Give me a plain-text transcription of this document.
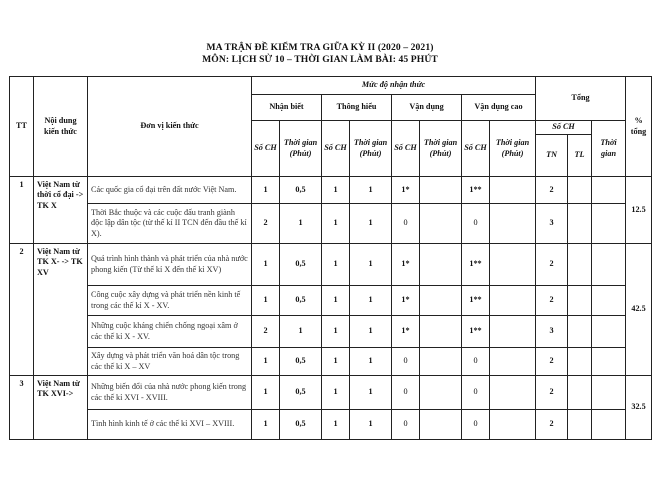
MA TRẬN ĐỀ KIỂM TRA GIỮA KỲ II (2020 – 2021)
MÔN: LỊCH SỬ 10 – THỜI GIAN LÀM BÀI: 45 PHÚT
TT	Nội dung kiến thức	Đơn vị kiến thức	Mức độ nhận thức								Tổng			% tổng
			Nhận biết		Thông hiểu		Vận dụng		Vận dụng cao					
			Số CH	Thời gian (Phút)	Số CH	Thời gian (Phút)	Số CH	Thời gian (Phút)	Số CH	Thời gian (Phút)	Số CH		Thời gian	
											TN	TL		
1	Việt Nam từ thời cổ đại -> TK X	Các quốc gia cổ đại trên đất nước Việt Nam.	1	0,5	1	1	1*		1**		2			12.5
		Thời Bắc thuộc và các cuộc đấu tranh giành độc lập dân tộc (từ thế kỉ II TCN đến đầu thế kỉ X).	2	1	1	1	0		0		3			
2	Việt Nam từ TK X- -> TK XV	Quá trình hình thành và phát triển của nhà nước phong kiến (Từ thế kỉ X đến thế kỉ XV)	1	0,5	1	1	1*		1**		2			42.5
		Công cuộc xây dựng và phát triển nền kinh tế trong các thế kỉ X - XV.	1	0,5	1	1	1*		1**		2			
		Những cuộc kháng chiến chống ngoại xâm ở các thế kỉ X - XV.	2	1	1	1	1*		1**		3			
		Xây dựng và phát triển văn hoá dân tộc trong các thế kỉ X – XV	1	0,5	1	1	0		0		2			
3	Việt Nam từ TK XVI->	Những biến đổi của nhà nước phong kiến trong các thế kỉ XVI - XVIII.	1	0,5	1	1	0		0		2			32.5
		Tình hình kinh tế ở các thế kỉ XVI – XVIII.	1	0,5	1	1	0		0		2			
